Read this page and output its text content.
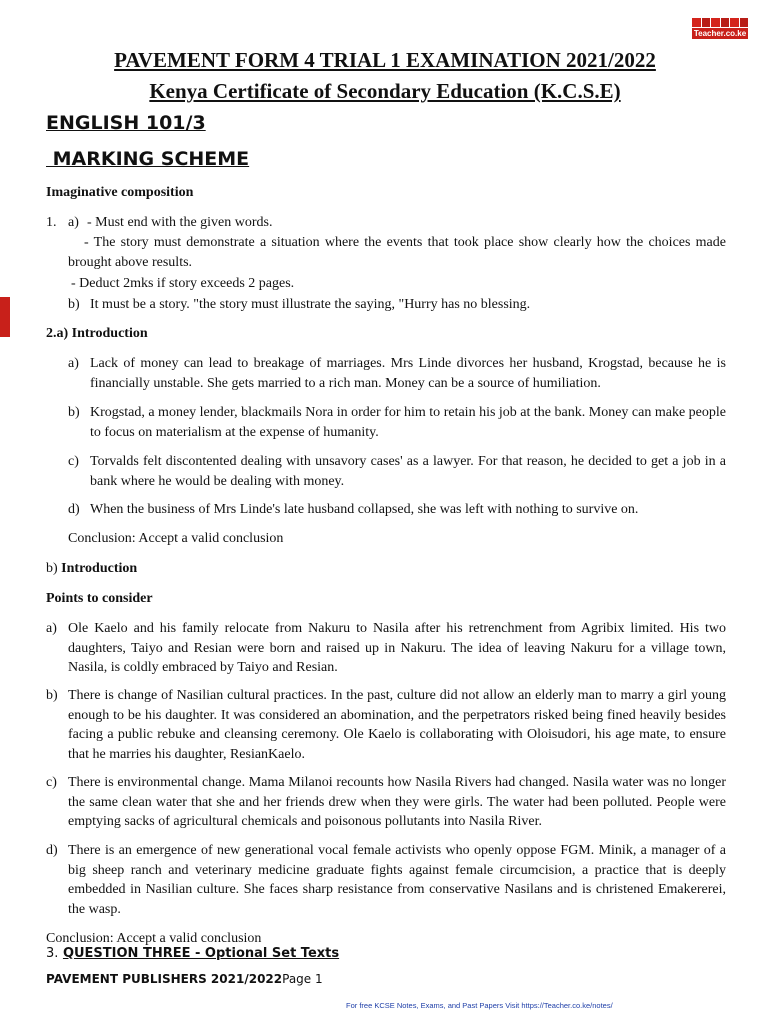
Teacher.co.ke
PAVEMENT FORM 4 TRIAL 1 EXAMINATION 2021/2022
Kenya Certificate of Secondary Education (K.C.S.E)
ENGLISH 101/3
MARKING SCHEME
Imaginative composition
1. a) - Must end with the given words.
- The story must demonstrate a situation where the events that took place show clearly how the choices made brought above results.
- Deduct 2mks if story exceeds 2 pages.
b) It must be a story. "the story must illustrate the saying, "Hurry has no blessing.
2.a) Introduction
a) Lack of money can lead to breakage of marriages. Mrs Linde divorces her husband, Krogstad, because he is financially unstable. She gets married to a rich man. Money can be a source of humiliation.
b) Krogstad, a money lender, blackmails Nora in order for him to retain his job at the bank. Money can make people to focus on materialism at the expense of humanity.
c) Torvalds felt discontented dealing with unsavory cases' as a lawyer. For that reason, he decided to get a job in a bank where he would be dealing with money.
d) When the business of Mrs Linde's late husband collapsed, she was left with nothing to survive on.
Conclusion: Accept a valid conclusion
b) Introduction
Points to consider
a) Ole Kaelo and his family relocate from Nakuru to Nasila after his retrenchment from Agribix limited. His two daughters, Taiyo and Resian were born and raised up in Nakuru. The idea of leaving Nakuru for a village town, Nasila, is coldly embraced by Taiyo and Resian.
b) There is change of Nasilian cultural practices. In the past, culture did not allow an elderly man to marry a girl young enough to be his daughter. It was considered an abomination, and the perpetrators risked being fined heavily besides facing a public rebuke and cleansing ceremony. Ole Kaelo is collaborating with Oloisudori, his age mate, to ensure that he marries his daughter, ResianKaelo.
c) There is environmental change. Mama Milanoi recounts how Nasila Rivers had changed. Nasila water was no longer the same clean water that she and her friends drew when they were girls. The water had been polluted. People were emptying sacks of agricultural chemicals and poisonous pollutants into Nasila River.
d) There is an emergence of new generational vocal female activists who openly oppose FGM. Minik, a manager of a big sheep ranch and veterinary medicine graduate fights against female circumcision, a practice that is deeply embedded in Nasilian culture. She faces sharp resistance from conservative Nasilans and is christened Emakererei, the wasp.
Conclusion: Accept a valid conclusion
3. QUESTION THREE - Optional Set Texts
PAVEMENT PUBLISHERS 2021/2022Page 1
For free KCSE Notes, Exams, and Past Papers Visit https://Teacher.co.ke/notes/
